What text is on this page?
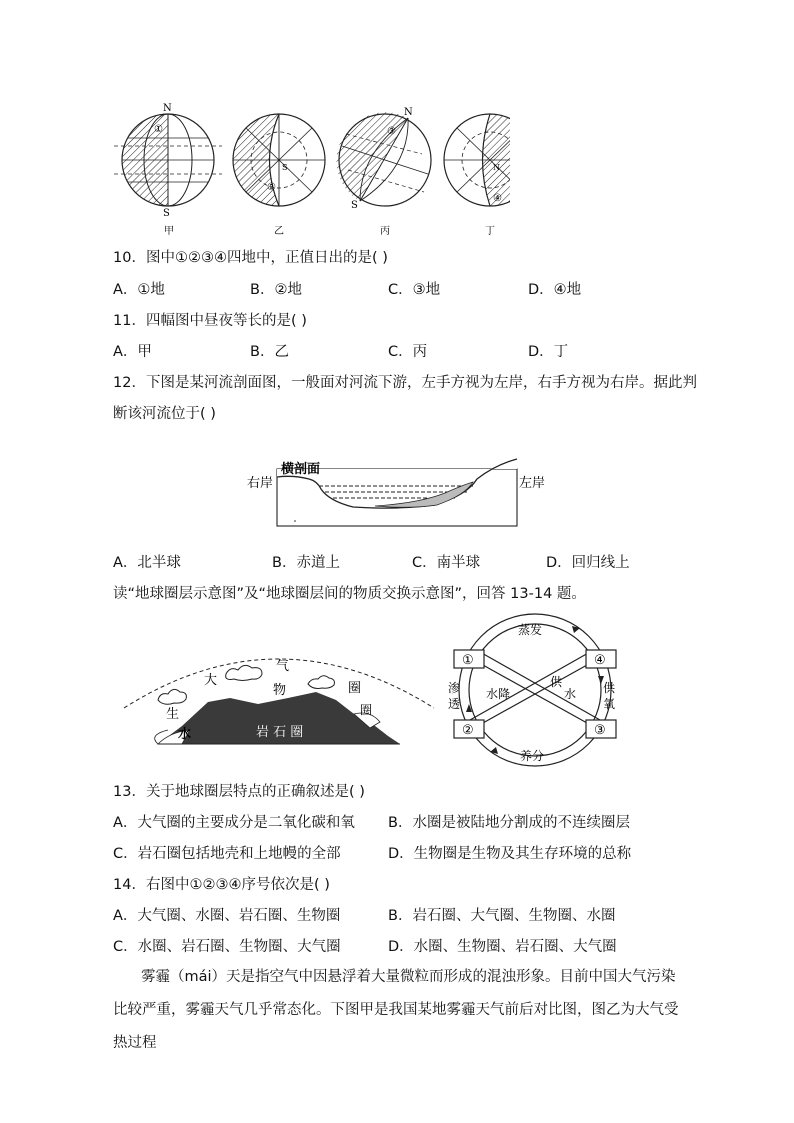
N
S
①
甲
S
②
乙
N
S
③
丙
N
④
丁
10．图中①②③④四地中，正值日出的是( )
A．①地	B．②地	C．③地	D．④地
11．四幅图中昼夜等长的是( )
A．甲	B．乙	C．丙	D．丁
12．下图是某河流剖面图，一般面对河流下游，左手方视为左岸，右手方视为右岸。据此判
断该河流位于( )
右岸
横剖面
左岸
A．北半球	B．赤道上	C．南半球	D．回归线上
读“地球圈层示意图”及“地球圈层间的物质交换示意图”，回答 13-14 题。
大
气
圈
生
物
圈
水	岩 石 圈
①
②	③
④
蒸发
养分
渗
透
水降
供
水 供
氧
13．关于地球圈层特点的正确叙述是( )
A．大气圈的主要成分是二氧化碳和氧 B．水圈是被陆地分割成的不连续圈层
C．岩石圈包括地壳和上地幔的全部	D．生物圈是生物及其生存环境的总称
14．右图中①②③④序号依次是( )
A．大气圈、水圈、岩石圈、生物圈	B．岩石圈、大气圈、生物圈、水圈
C．水圈、岩石圈、生物圈、大气圈	D．水圈、生物圈、岩石圈、大气圈
雾霾（mái）天是指空气中因悬浮着大量微粒而形成的混浊形象。目前中国大气污染比较严重，雾霾天气几乎常态化。下图甲是我国某地雾霾天气前后对比图，图乙为大气受热过程
